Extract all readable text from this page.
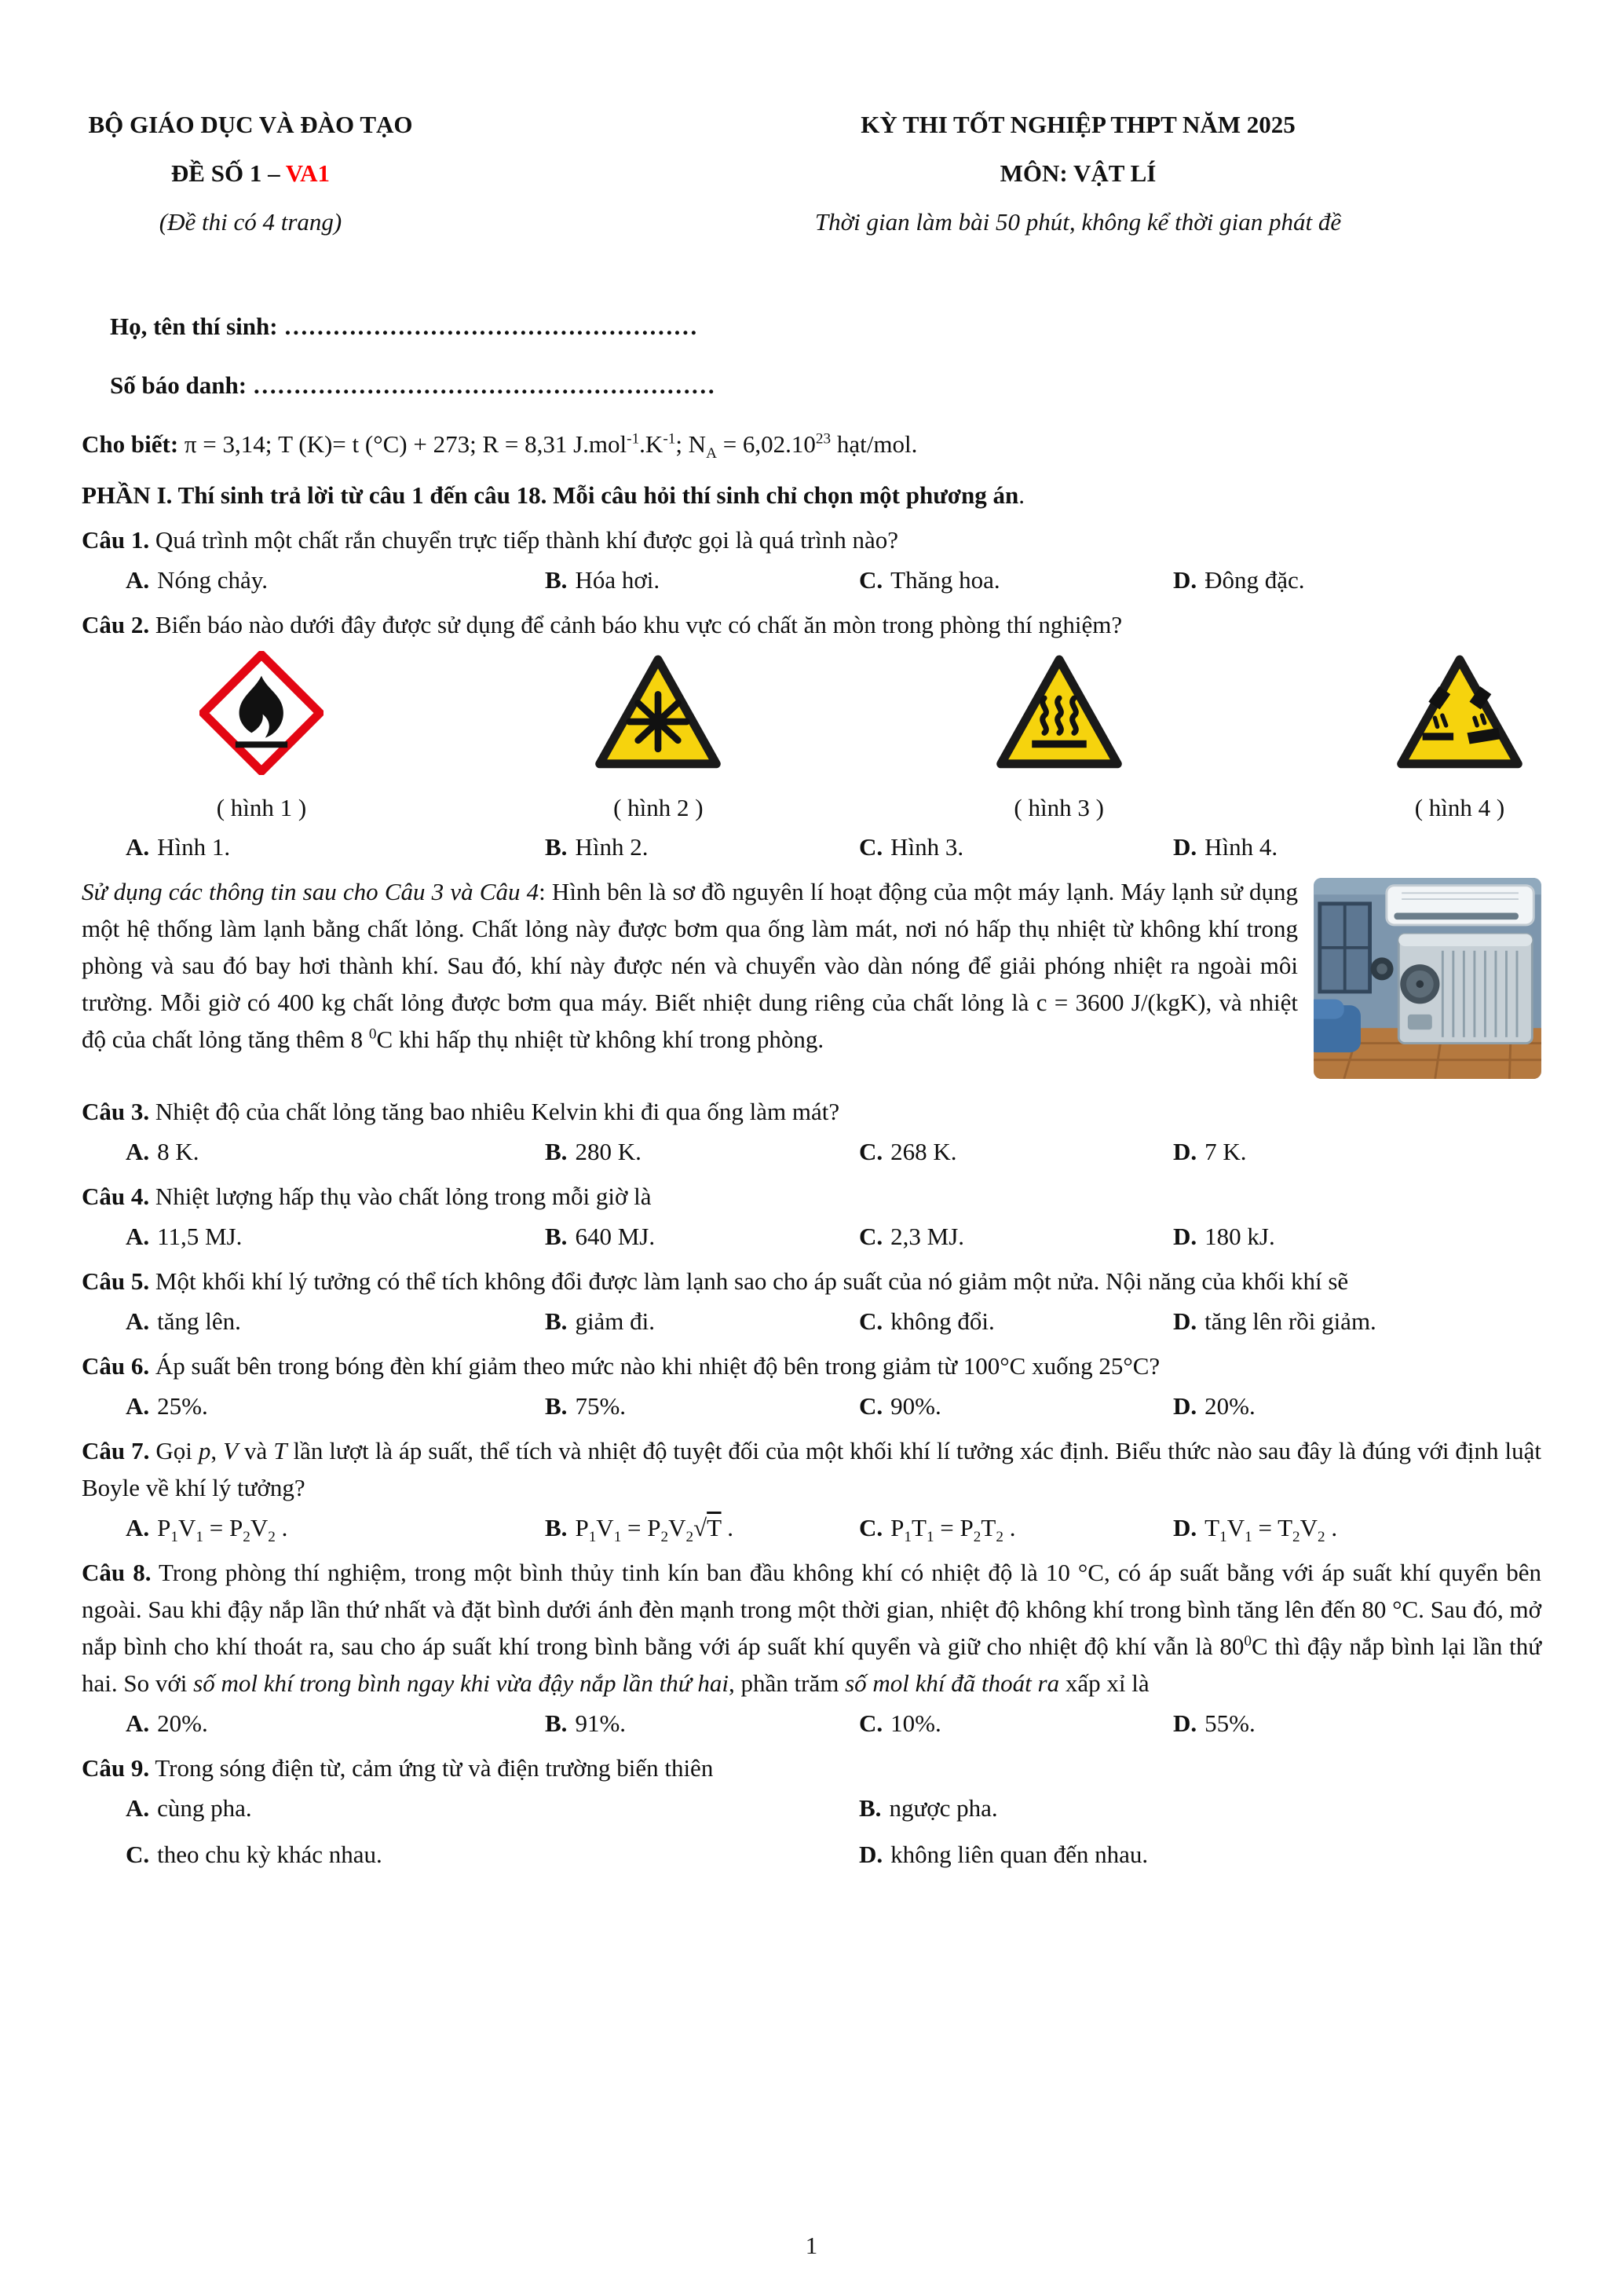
BỘ GIÁO DỤC VÀ ĐÀO TẠO
ĐỀ SỐ 1 – VA1
(Đề thi có 4 trang)
KỲ THI TỐT NGHIỆP THPT NĂM 2025
MÔN: VẬT LÍ
Thời gian làm bài 50 phút, không kể thời gian phát đề
Họ, tên thí sinh: ……………………………………………
Số báo danh: …………………………………………………

Cho biết: π = 3,14; T (K)= t (°C) + 273; R = 8,31 $J.mol^{-1}.K^{-1}$; $N_A = 6,02.10^{23}$ hạt/mol.

PHẦN I. Thí sinh trả lời từ câu 1 đến câu 18. Mỗi câu hỏi thí sinh chỉ chọn một phương án.

Câu 1. Quá trình một chất rắn chuyển trực tiếp thành khí được gọi là quá trình nào?

A. Nóng chảy.	B. Hóa hơi.	C. Thăng hoa.	D. Đông đặc.

Câu 2. Biển báo nào dưới đây được sử dụng để cảnh báo khu vực có chất ăn mòn trong phòng thí nghiệm?

( hình 1 )	( hình 2 )	( hình 3 )	( hình 4 )
A. Hình 1.	B. Hình 2.	C. Hình 3.	D. Hình 4.
Sử dụng các thông tin sau cho Câu 3 và Câu 4: Hình bên là sơ đồ nguyên lí hoạt động của một máy lạnh. Máy lạnh sử dụng một hệ thống làm lạnh bằng chất lỏng. Chất lỏng này được bơm qua ống làm mát, nơi nó hấp thụ nhiệt từ không khí trong phòng và sau đó bay hơi thành khí. Sau đó, khí này được nén và chuyển vào dàn nóng để giải phóng nhiệt ra ngoài môi trường. Mỗi giờ có 400 kg chất lỏng được bơm qua máy. Biết nhiệt dung riêng của chất lỏng là c = 3600 J/(kgK), và nhiệt độ của chất lỏng tăng thêm 8 $^0$C khi hấp thụ nhiệt từ không khí trong phòng.

Câu 3. Nhiệt độ của chất lỏng tăng bao nhiêu Kelvin khi đi qua ống làm mát?

A. 8 K.	B. 280 K.	C. 268 K.	D. 7 K.

Câu 4. Nhiệt lượng hấp thụ vào chất lỏng trong mỗi giờ là

A. 11,5 MJ.	B. 640 MJ.	C. 2,3 MJ.	D. 180 kJ.

Câu 5. Một khối khí lý tưởng có thể tích không đổi được làm lạnh sao cho áp suất của nó giảm một nửa. Nội năng của khối khí sẽ

A. tăng lên.	B. giảm đi.	C. không đổi.	D. tăng lên rồi giảm.

Câu 6. Áp suất bên trong bóng đèn khí giảm theo mức nào khi nhiệt độ bên trong giảm từ 100°C xuống 25°C?

A. 25%.	B. 75%.	C. 90%.	D. 20%.

Câu 7. Gọi p, V và T lần lượt là áp suất, thể tích và nhiệt độ tuyệt đối của một khối khí lí tưởng xác định. Biểu thức nào sau đây là đúng với định luật Boyle về khí lý tưởng?

A. $P_1V_1 = P_2V_2$ .	B. $P_1V_1 = P_2V_2√T$ .	C. $P_1T_1 = P_2T_2$ .	D. $T_1V_1 = T_2V_2$ .

Câu 8. Trong phòng thí nghiệm, trong một bình thủy tinh kín ban đầu không khí có nhiệt độ là 10 °C, có áp suất bằng với áp suất khí quyển bên ngoài. Sau khi đậy nắp lần thứ nhất và đặt bình dưới ánh đèn mạnh trong một thời gian, nhiệt độ không khí trong bình tăng lên đến 80 °C. Sau đó, mở nắp bình cho khí thoát ra, sau cho áp suất khí trong bình bằng với áp suất khí quyển và giữ cho nhiệt độ khí vẫn là $80^0C$ thì đậy nắp bình lại lần thứ hai. So với số mol khí trong bình ngay khi vừa đậy nắp lần thứ hai, phần trăm số mol khí đã thoát ra xấp xỉ là

A. 20%.	B. 91%.	C. 10%.	D. 55%.

Câu 9. Trong sóng điện từ, cảm ứng từ và điện trường biến thiên

A. cùng pha.	B. ngược pha.
C. theo chu kỳ khác nhau.	D. không liên quan đến nhau.
1
